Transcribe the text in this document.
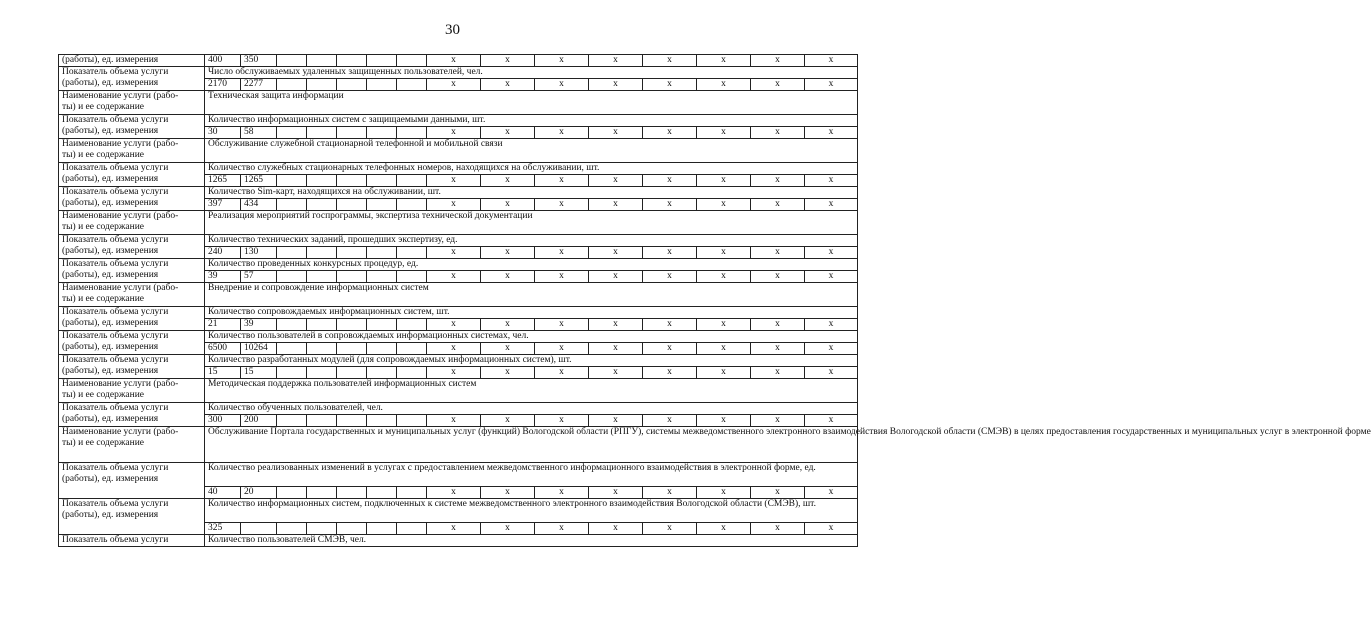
30
(работы), ед. измерения	400	350						x	x	x	x	x	x	x	x

Показатель объема услуги
(работы), ед. измерения	Число обслуживаемых удаленных защищенных пользователей, чел.														
	2170	2277						x	x	x	x	x	x	x	x

Наименование услуги (рабо-
ты) и ее содержание	Техническая защита информации														

Показатель объема услуги
(работы), ед. измерения	Количество информационных систем с защищаемыми данными, шт.														
	30	58						x	x	x	x	x	x	x	x

Наименование услуги (рабо-
ты) и ее содержание	Обслуживание служебной стационарной телефонной и мобильной связи														

Показатель объема услуги
(работы), ед. измерения	Количество служебных стационарных телефонных номеров, находящихся на обслуживании, шт.														
	1265	1265						x	x	x	x	x	x	x	x

Показатель объема услуги
(работы), ед. измерения	Количество Sim-карт, находящихся на обслуживании, шт.														
	397	434						x	x	x	x	x	x	x	x

Наименование услуги (рабо-
ты) и ее содержание	Реализация мероприятий госпрограммы, экспертиза технической документации														

Показатель объема услуги
(работы), ед. измерения	Количество технических заданий, прошедших экспертизу, ед.														
	240	130						x	x	x	x	x	x	x	x

Показатель объема услуги
(работы), ед. измерения	Количество проведенных конкурсных процедур, ед.														
	39	57						x	x	x	x	x	x	x	x

Наименование услуги (рабо-
ты) и ее содержание	Внедрение и сопровождение информационных систем														

Показатель объема услуги
(работы), ед. измерения	Количество сопровождаемых информационных систем, шт.														
	21	39						x	x	x	x	x	x	x	x

Показатель объема услуги
(работы), ед. измерения	Количество пользователей в сопровождаемых информационных системах, чел.														
	6500	10264						x	x	x	x	x	x	x	x

Показатель объема услуги
(работы), ед. измерения	Количество разработанных модулей (для сопровождаемых информационных систем), шт.														
	15	15						x	x	x	x	x	x	x	x

Наименование услуги (рабо-
ты) и ее содержание	Методическая поддержка пользователей информационных систем														

Показатель объема услуги
(работы), ед. измерения	Количество обученных пользователей, чел.														
	300	200						x	x	x	x	x	x	x	x

Наименование услуги (рабо-
ты) и ее содержание	Обслуживание Портала государственных и муниципальных услуг (функций) Вологодской области (РПГУ), системы межведомственного электронного взаимодействия Вологодской области (СМЭВ) в целях предоставления государственных и муниципальных услуг в электронной форме														

Показатель объема услуги
(работы), ед. измерения	Количество реализованных изменений в услугах с предоставлением межведомственного информационного взаимодействия в электронной форме, ед.														
	40	20						x	x	x	x	x	x	x	x

Показатель объема услуги
(работы), ед. измерения	Количество информационных систем, подключенных к системе межведомственного электронного взаимодействия Вологодской области (СМЭВ), шт.														
	325							x	x	x	x	x	x	x	x
Показатель объема услуги	Количество пользователей СМЭВ, чел.														
